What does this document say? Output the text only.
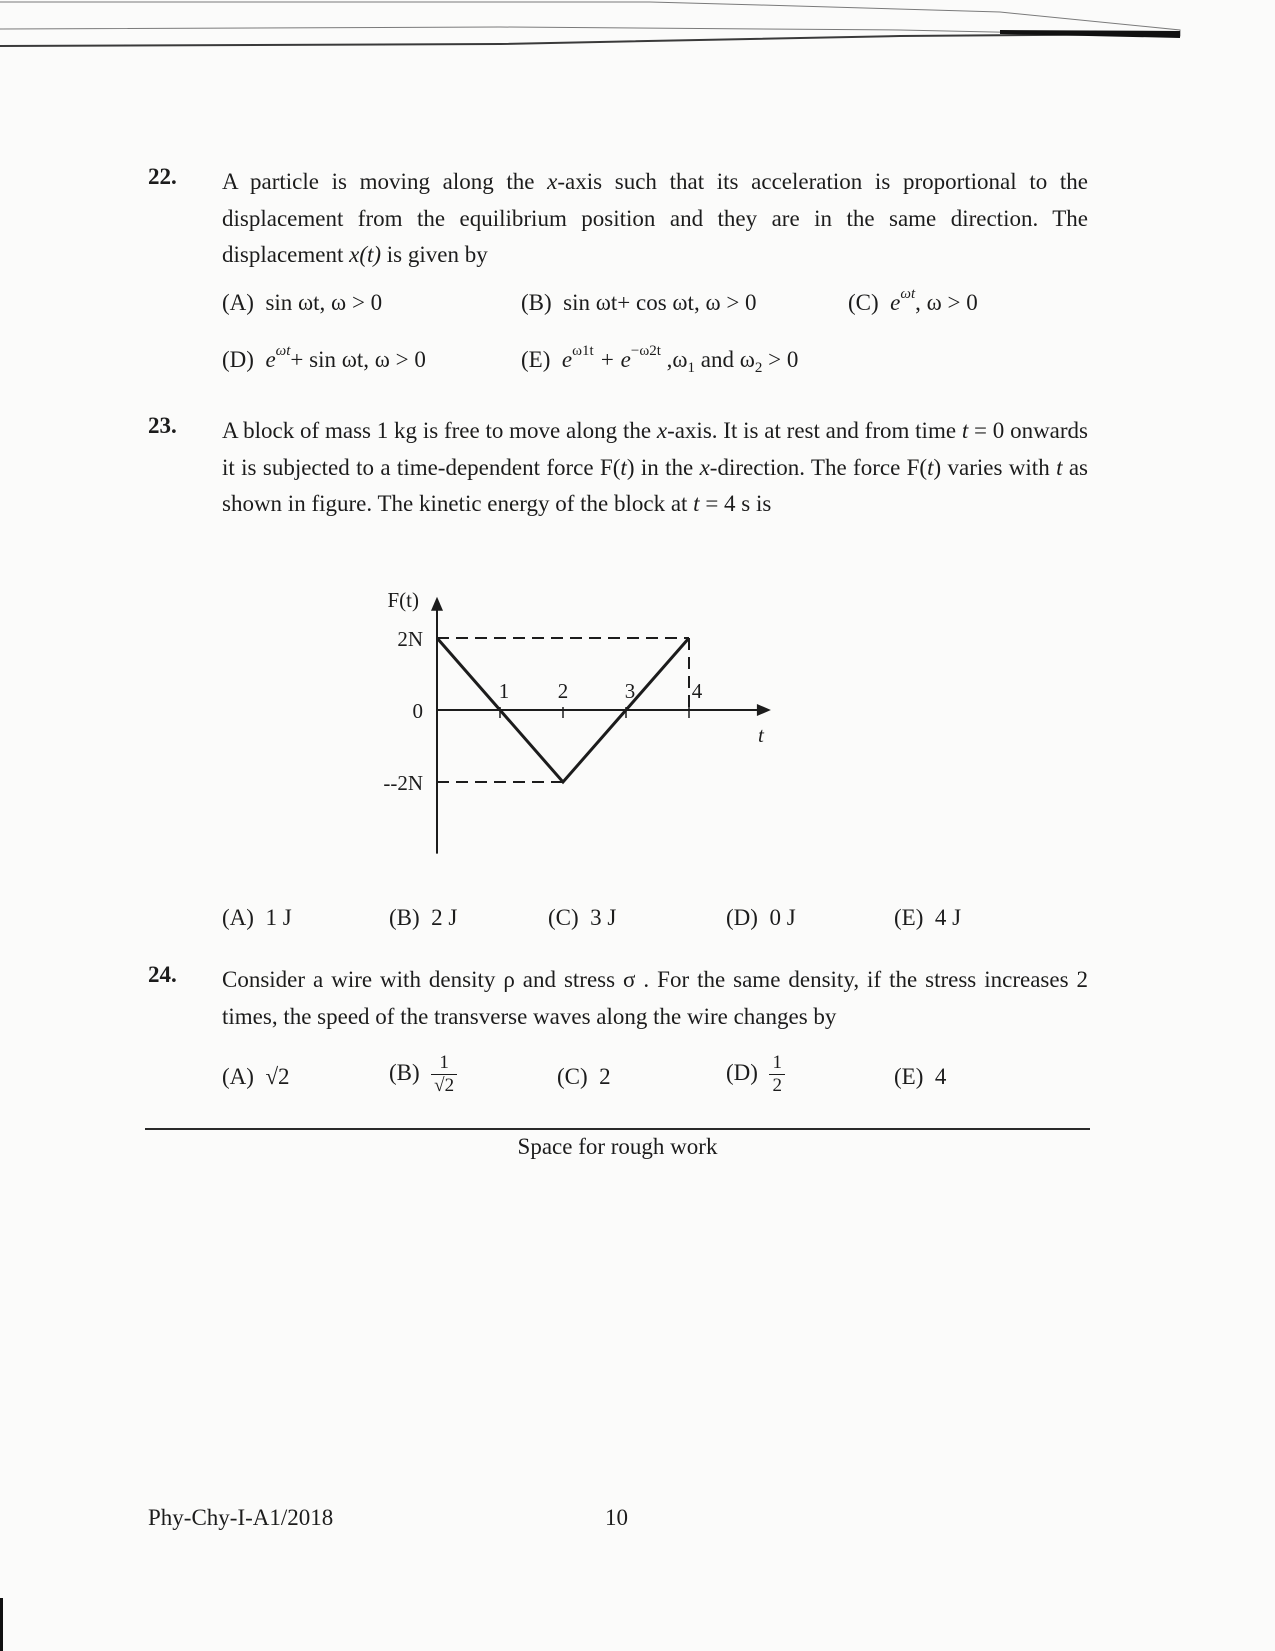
22. A particle is moving along the x-axis such that its acceleration is proportional to the displacement from the equilibrium position and they are in the same direction. The displacement x(t) is given by
(A) sin ωt, ω > 0	(B) sin ωt+ cos ωt, ω > 0	(C) $e^{\omega t}$, ω > 0
(D) $e^{\omega t}+ \sin \omega t$, ω > 0	(E) $e^{\omega 1t} + e^{-\omega 2t}$ $,\omega_1$ and $\omega_2 > 0$
23. A block of mass 1 kg is free to move along the x-axis. It is at rest and from time t = 0 onwards it is subjected to a time-dependent force F(t) in the x-direction. The force F(t) varies with t as shown in figure. The kinetic energy of the block at t = 4 s is
F(t)
t
2N
0
--2N
1 2	3	4
(A) 1 J	(B) 2 J	(C) 3 J	(D) 0 J	(E) 4 J
24. Consider a wire with density ρ and stress σ . For the same density, if the stress increases 2 times, the speed of the transverse waves along the wire changes by
(A) √2	$(B) \frac{1}{√2}$	(C) 2	$(D) \frac{1}{2}$	(E) 4
Space for rough work
Phy-Chy-I-A1/2018	10
